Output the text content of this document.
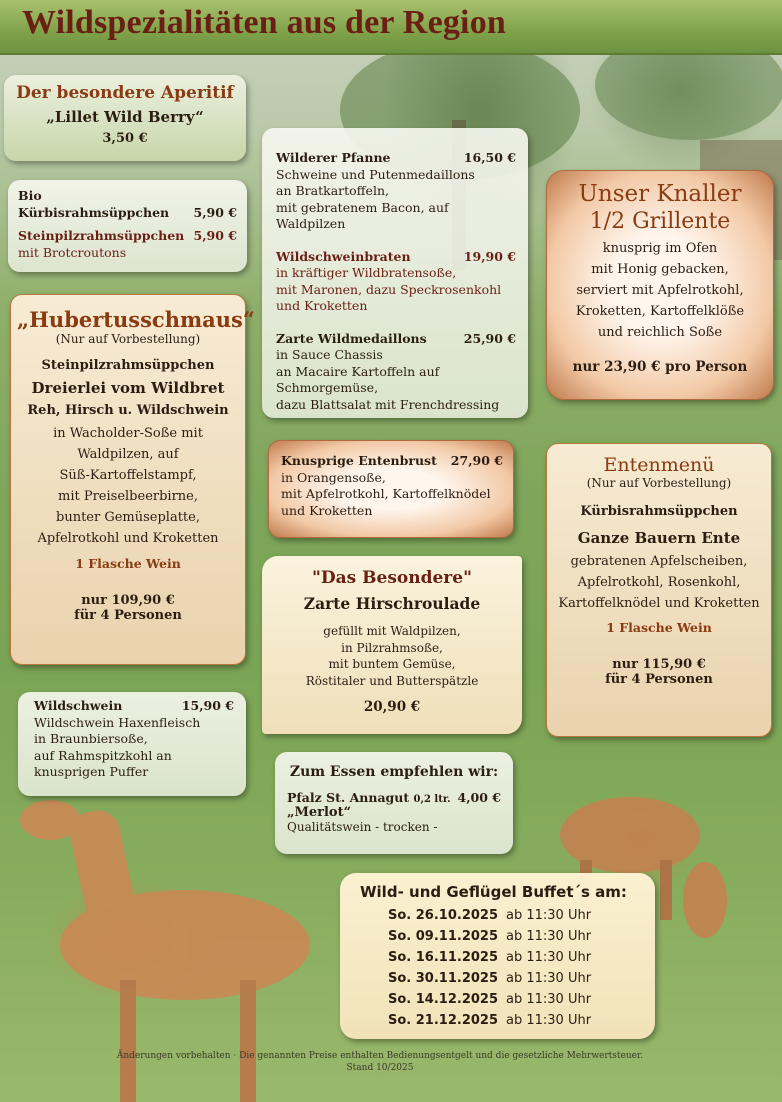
Wildspezialitäten aus der Region
Der besondere Aperitif
„Lillet Wild Berry“
3,50 €
Bio
Kürbisrahmsüppchen 5,90 €
Steinpilzrahmsüppchen 5,90 €
mit Brotcroutons
„Hubertusschmaus“
(Nur auf Vorbestellung)
Steinpilzrahmsüppchen
Dreierlei vom Wildbret
Reh, Hirsch u. Wildschwein
in Wacholder-Soße mit
Waldpilzen, auf
Süß-Kartoffelstampf,
mit Preiselbeerbirne,
bunter Gemüseplatte,
Apfelrotkohl und Kroketten
1 Flasche Wein
nur 109,90 €
für 4 Personen
Wildschwein	15,90 €
Wildschwein Haxenfleisch
in Braunbiersoße,
auf Rahmspitzkohl an
knusprigen Puffer
Wilderer Pfanne	16,50 €
Schweine und Putenmedaillons
an Bratkartoffeln,
mit gebratenem Bacon, auf Waldpilzen
Wildschweinbraten	19,90 €
in kräftiger Wildbratensoße,
mit Maronen, dazu Speckrosenkohl
und Kroketten
Zarte Wildmedaillons	25,90 €
in Sauce Chassis
an Macaire Kartoffeln auf Schmorgemüse,
dazu Blattsalat mit Frenchdressing
Knusprige Entenbrust 27,90 €
in Orangensoße,
mit Apfelrotkohl, Kartoffelknödel
und Kroketten
"Das Besondere"
Zarte Hirschroulade
gefüllt mit Waldpilzen,
in Pilzrahmsoße,
mit buntem Gemüse,
Röstitaler und Butterspätzle
20,90 €
Zum Essen empfehlen wir:
Pfalz St. Annagut 0,2 ltr. 4,00 €
„Merlot“
Qualitätswein - trocken -
Unser Knaller
1/2 Grillente
knusprig im Ofen
mit Honig gebacken,
serviert mit Apfelrotkohl,
Kroketten, Kartoffelklöße
und reichlich Soße
nur 23,90 € pro Person
Entenmenü
(Nur auf Vorbestellung)
Kürbisrahmsüppchen
Ganze Bauern Ente
gebratenen Apfelscheiben,
Apfelrotkohl, Rosenkohl,
Kartoffelknödel und Kroketten
1 Flasche Wein
nur 115,90 €
für 4 Personen
Wild- und Geflügel Buffet´s am:
So. 26.10.2025 ab 11:30 Uhr
So. 09.11.2025 ab 11:30 Uhr
So. 16.11.2025 ab 11:30 Uhr
So. 30.11.2025 ab 11:30 Uhr
So. 14.12.2025 ab 11:30 Uhr
So. 21.12.2025 ab 11:30 Uhr
Änderungen vorbehalten · Die genannten Preise enthalten Bedienungsentgelt und die gesetzliche Mehrwertsteuer.
Stand 10/2025
